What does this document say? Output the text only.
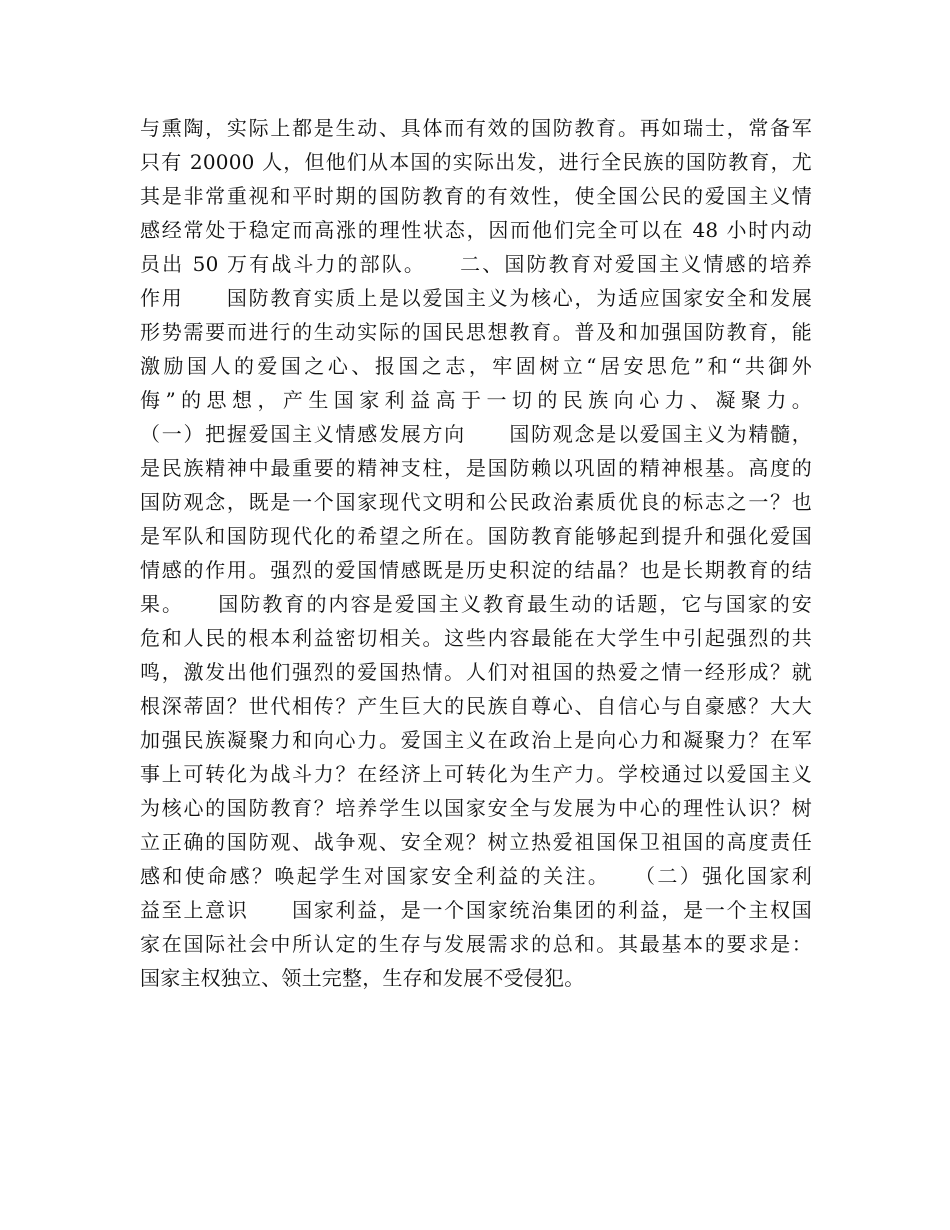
与熏陶，实际上都是生动、具体而有效的国防教育。再如瑞士，常备军
只有 20000 人，但他们从本国的实际出发，进行全民族的国防教育，尤
其是非常重视和平时期的国防教育的有效性，使全国公民的爱国主义情
感经常处于稳定而高涨的理性状态，因而他们完全可以在 48 小时内动
员出 50 万有战斗力的部队。　　二、国防教育对爱国主义情感的培养
作用　　国防教育实质上是以爱国主义为核心，为适应国家安全和发展
形势需要而进行的生动实际的国民思想教育。普及和加强国防教育，能
激励国人的爱国之心、报国之志，牢固树立“居安思危”和“共御外
侮”的思想，产生国家利益高于一切的民族向心力、凝聚力。
（一）把握爱国主义情感发展方向　　国防观念是以爱国主义为精髓，
是民族精神中最重要的精神支柱，是国防赖以巩固的精神根基。高度的
国防观念，既是一个国家现代文明和公民政治素质优良的标志之一？也
是军队和国防现代化的希望之所在。国防教育能够起到提升和强化爱国
情感的作用。强烈的爱国情感既是历史积淀的结晶？也是长期教育的结
果。　　国防教育的内容是爱国主义教育最生动的话题，它与国家的安
危和人民的根本利益密切相关。这些内容最能在大学生中引起强烈的共
鸣，激发出他们强烈的爱国热情。人们对祖国的热爱之情一经形成？就
根深蒂固？世代相传？产生巨大的民族自尊心、自信心与自豪感？大大
加强民族凝聚力和向心力。爱国主义在政治上是向心力和凝聚力？在军
事上可转化为战斗力？在经济上可转化为生产力。学校通过以爱国主义
为核心的国防教育？培养学生以国家安全与发展为中心的理性认识？树
立正确的国防观、战争观、安全观？树立热爱祖国保卫祖国的高度责任
感和使命感？唤起学生对国家安全利益的关注。　　（二）强化国家利
益至上意识　　国家利益，是一个国家统治集团的利益，是一个主权国
家在国际社会中所认定的生存与发展需求的总和。其最基本的要求是：
国家主权独立、领土完整，生存和发展不受侵犯。
